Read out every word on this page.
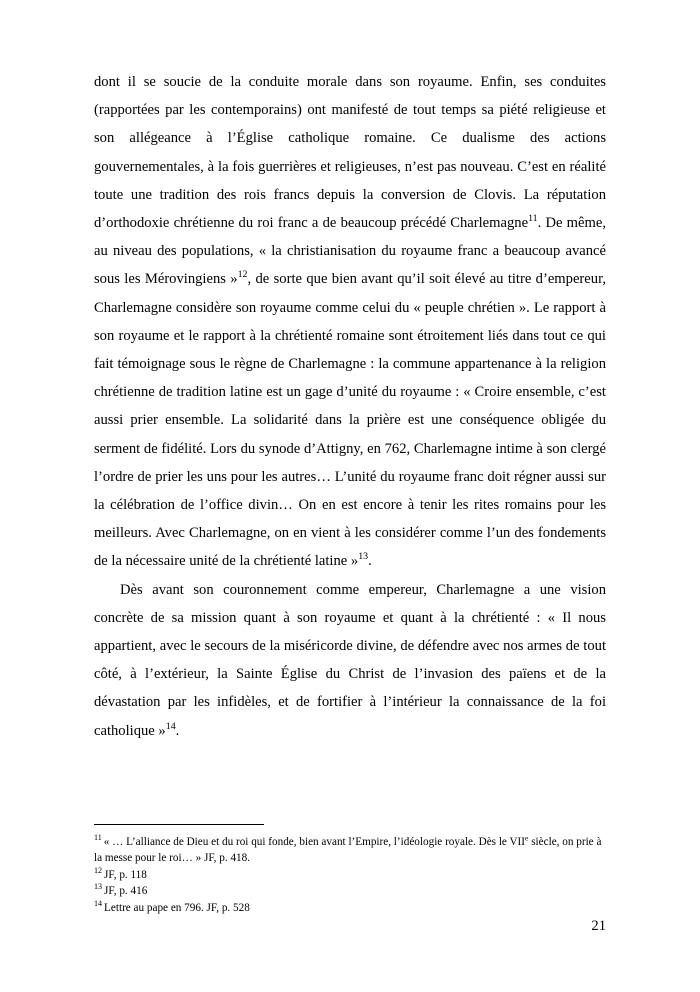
dont il se soucie de la conduite morale dans son royaume. Enfin, ses conduites (rapportées par les contemporains) ont manifesté de tout temps sa piété religieuse et son allégeance à l’Église catholique romaine. Ce dualisme des actions gouvernementales, à la fois guerrières et religieuses, n’est pas nouveau. C’est en réalité toute une tradition des rois francs depuis la conversion de Clovis. La réputation d’orthodoxie chrétienne du roi franc a de beaucoup précédé Charlemagne$^{11}$. De même, au niveau des populations, « la christianisation du royaume franc a beaucoup avancé sous les Mérovingiens »$^{12}$, de sorte que bien avant qu’il soit élevé au titre d’empereur, Charlemagne considère son royaume comme celui du « peuple chrétien ». Le rapport à son royaume et le rapport à la chrétienté romaine sont étroitement liés dans tout ce qui fait témoignage sous le règne de Charlemagne : la commune appartenance à la religion chrétienne de tradition latine est un gage d’unité du royaume : « Croire ensemble, c’est aussi prier ensemble. La solidarité dans la prière est une conséquence obligée du serment de fidélité. Lors du synode d’Attigny, en 762, Charlemagne intime à son clergé l’ordre de prier les uns pour les autres… L’unité du royaume franc doit régner aussi sur la célébration de l’office divin… On en est encore à tenir les rites romains pour les meilleurs. Avec Charlemagne, on en vient à les considérer comme l’un des fondements de la nécessaire unité de la chrétienté latine »$^{13}$.

Dès avant son couronnement comme empereur, Charlemagne a une vision concrète de sa mission quant à son royaume et quant à la chrétienté : « Il nous appartient, avec le secours de la miséricorde divine, de défendre avec nos armes de tout côté, à l’extérieur, la Sainte Église du Christ de l’invasion des païens et de la dévastation par les infidèles, et de fortifier à l’intérieur la connaissance de la foi catholique »$^{14}$.

$^{11}$ « … L’alliance de Dieu et du roi qui fonde, bien avant l’Empire, l’idéologie royale. Dès le VIIe siècle, on prie à la messe pour le roi… » JF, p. 418.

$^{12}$ JF, p. 118

$^{13}$ JF, p. 416

$^{14}$ Lettre au pape en 796. JF, p. 528

21
